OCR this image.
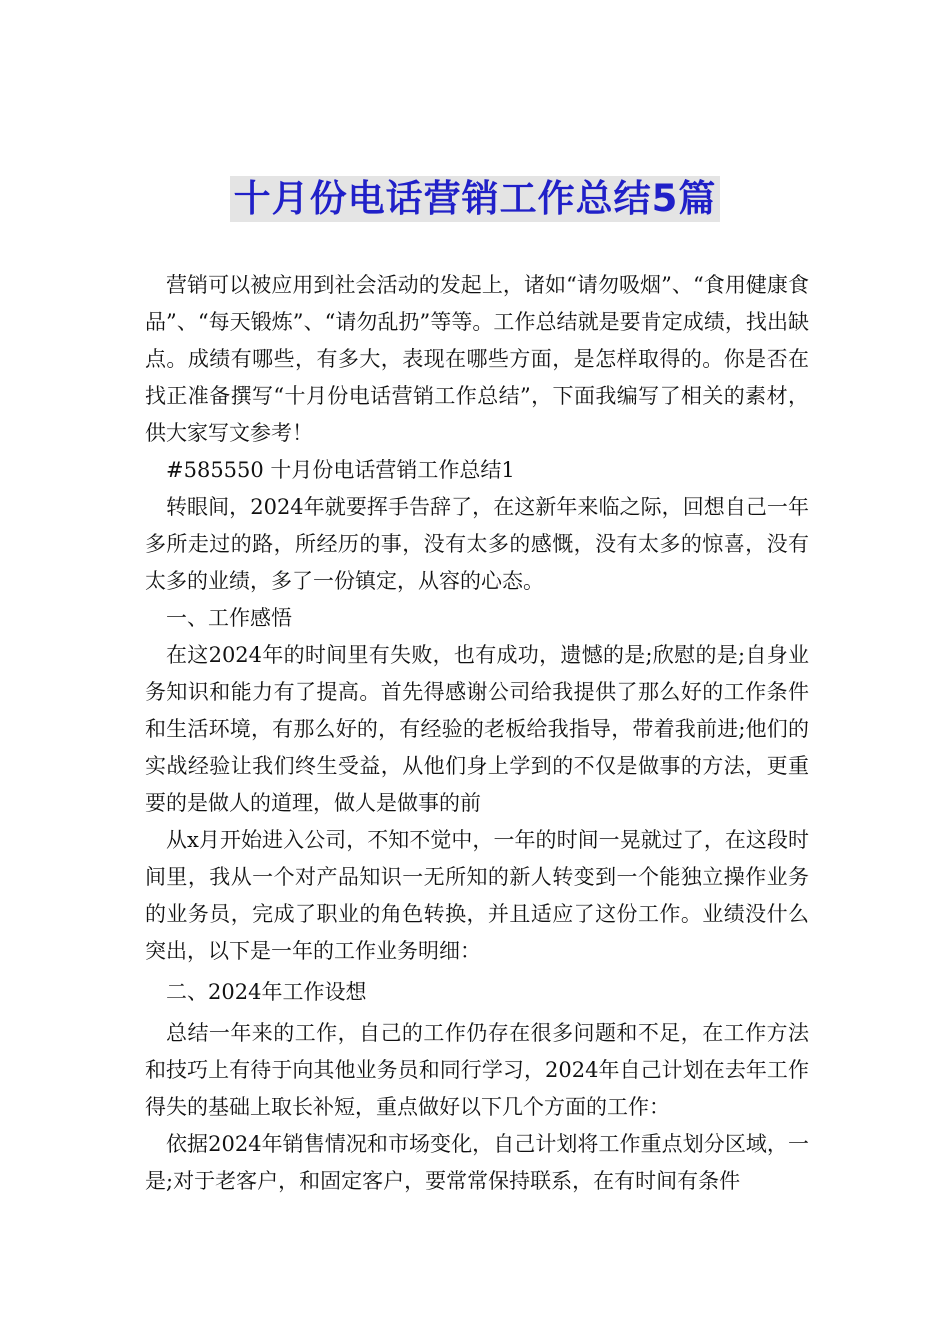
十月份电话营销工作总结5篇

营销可以被应用到社会活动的发起上，诸如“请勿吸烟”、“食用健康食品”、“每天锻炼”、“请勿乱扔”等等。工作总结就是要肯定成绩，找出缺点。成绩有哪些，有多大，表现在哪些方面，是怎样取得的。你是否在找正准备撰写“十月份电话营销工作总结”，下面我编写了相关的素材，供大家写文参考！

#585550 十月份电话营销工作总结1

转眼间，2024年就要挥手告辞了，在这新年来临之际，回想自己一年多所走过的路，所经历的事，没有太多的感慨，没有太多的惊喜，没有太多的业绩，多了一份镇定，从容的心态。

一、工作感悟

在这2024年的时间里有失败，也有成功，遗憾的是;欣慰的是;自身业务知识和能力有了提高。首先得感谢公司给我提供了那么好的工作条件和生活环境，有那么好的，有经验的老板给我指导，带着我前进;他们的实战经验让我们终生受益，从他们身上学到的不仅是做事的方法，更重要的是做人的道理，做人是做事的前

从x月开始进入公司，不知不觉中，一年的时间一晃就过了，在这段时间里，我从一个对产品知识一无所知的新人转变到一个能独立操作业务的业务员，完成了职业的角色转换，并且适应了这份工作。业绩没什么突出，以下是一年的工作业务明细：

二、2024年工作设想

总结一年来的工作，自己的工作仍存在很多问题和不足，在工作方法和技巧上有待于向其他业务员和同行学习，2024年自己计划在去年工作得失的基础上取长补短，重点做好以下几个方面的工作：

依据2024年销售情况和市场变化，自己计划将工作重点划分区域，一是;对于老客户，和固定客户，要常常保持联系，在有时间有条件
